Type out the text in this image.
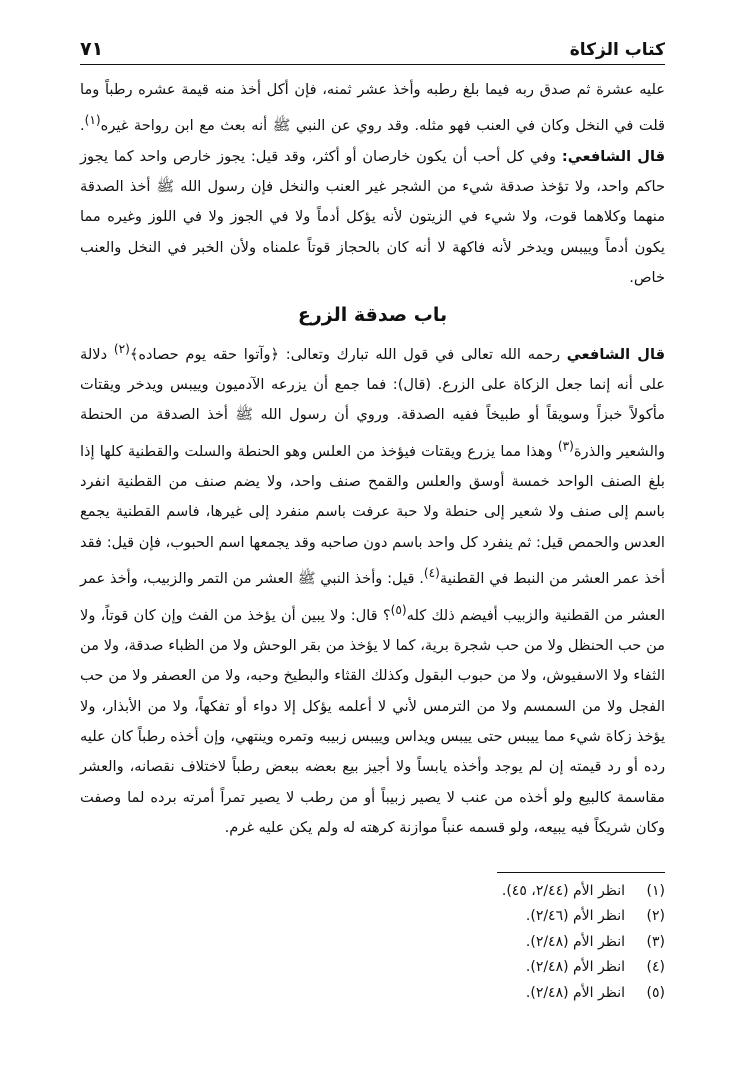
كتاب الزكاة
٧١

عليه عشرة ثم صدق ربه فيما بلغ رطبه وأخذ عشر ثمنه، فإن أكل أخذ منه قيمة عشره رطباً وما قلت في النخل وكان في العنب فهو مثله. وقد روي عن النبي ﷺ أنه بعث مع ابن رواحة غيره$^{(١)}$. قال الشافعي: وفي كل أحب أن يكون خارصان أو أكثر، وقد قيل: يجوز خارص واحد كما يجوز حاكم واحد، ولا تؤخذ صدقة شيء من الشجر غير العنب والنخل فإن رسول الله ﷺ أخذ الصدقة منهما وكلاهما قوت، ولا شيء في الزيتون لأنه يؤكل أدماً ولا في الجوز ولا في اللوز وغيره مما يكون أدماً وييبس ويدخر لأنه فاكهة لا أنه كان بالحجاز قوتاً علمناه ولأن الخبر في النخل والعنب خاص.

باب صدقة الزرع

قال الشافعي رحمه الله تعالى في قول الله تبارك وتعالى: ﴿وآتوا حقه يوم حصاده﴾$^{(٢)}$ دلالة على أنه إنما جعل الزكاة على الزرع. (قال): فما جمع أن يزرعه الآدميون وييبس ويدخر ويقتات مأكولاً خبزاً وسويقاً أو طبيخاً ففيه الصدقة. وروي أن رسول الله ﷺ أخذ الصدقة من الحنطة والشعير والذرة$^{(٣)}$ وهذا مما يزرع ويقتات فيؤخذ من العلس وهو الحنطة والسلت والقطنية كلها إذا بلغ الصنف الواحد خمسة أوسق والعلس والقمح صنف واحد، ولا يضم صنف من القطنية انفرد باسم إلى صنف ولا شعير إلى حنطة ولا حبة عرفت باسم منفرد إلى غيرها، فاسم القطنية يجمع العدس والحمص قيل: ثم ينفرد كل واحد باسم دون صاحبه وقد يجمعها اسم الحبوب، فإن قيل: فقد أخذ عمر العشر من النبط في القطنية$^{(٤)}$. قيل: وأخذ النبي ﷺ العشر من التمر والزبيب، وأخذ عمر العشر من القطنية والزبيب أفيضم ذلك كله$^{(٥)}$؟ قال: ولا يبين أن يؤخذ من الفث وإن كان قوتاً، ولا من حب الحنظل ولا من حب شجرة برية، كما لا يؤخذ من بقر الوحش ولا من الظباء صدقة، ولا من الثفاء ولا الاسفيوش، ولا من حبوب البقول وكذلك القثاء والبطيخ وحبه، ولا من العصفر ولا من حب الفجل ولا من السمسم ولا من الترمس لأني لا أعلمه يؤكل إلا دواء أو تفكهاً، ولا من الأبذار، ولا يؤخذ زكاة شيء مما ييبس حتى ييبس ويداس وييبس زبيبه وتمره وينتهي، وإن أخذه رطباً كان عليه رده أو رد قيمته إن لم يوجد وأخذه يابساً ولا أجيز بيع بعضه ببعض رطباً لاختلاف نقصانه، والعشر مقاسمة كالبيع ولو أخذه من عنب لا يصير زبيباً أو من رطب لا يصير تمراً أمرته برده لما وصفت وكان شريكاً فيه يبيعه، ولو قسمه عنباً موازنة كرهته له ولم يكن عليه غرم.

(١)
انظر الأم (٢/٤٤، ٤٥).
(٢)
انظر الأم (٢/٤٦).
(٣)
انظر الأم (٢/٤٨).
(٤)
انظر الأم (٢/٤٨).
(٥)
انظر الأم (٢/٤٨).
